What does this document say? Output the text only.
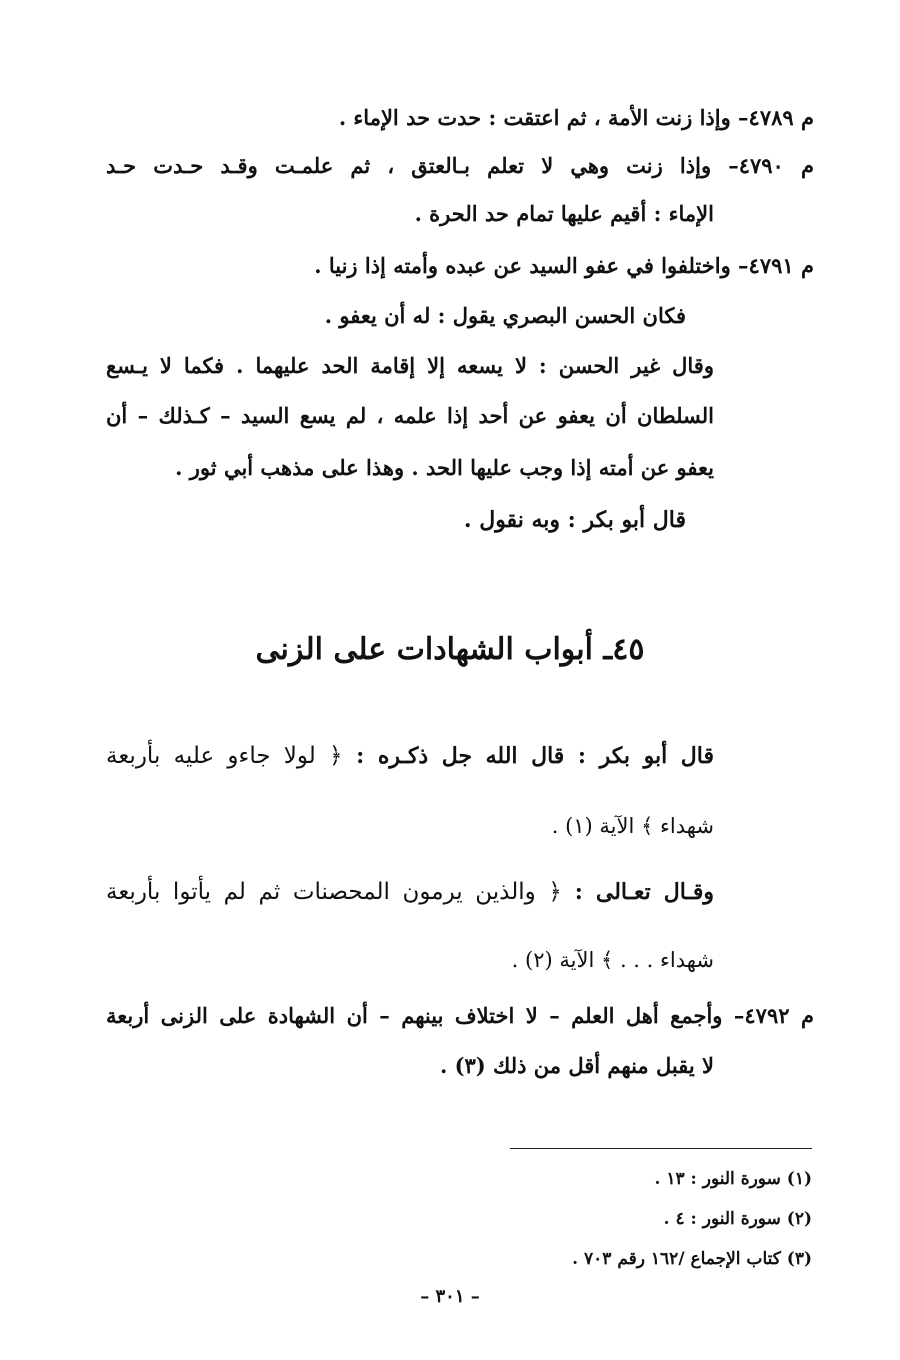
م ٤٧٨٩– وإذا زنت الأمة ، ثم اعتقت : حدت حد الإماء .
م ٤٧٩٠– وإذا زنت وهي لا تعلم بـالعتق ، ثم علمـت وقـد حـدت حـد
الإماء : أقيم عليها تمام حد الحرة .
م ٤٧٩١– واختلفوا في عفو السيد عن عبده وأمته إذا زنيا .
فكان الحسن البصري يقول : له أن يعفو .
وقال غير الحسن : لا يسعه إلا إقامة الحد عليهما . فكما لا يـسع
السلطان أن يعفو عن أحد إذا علمه ، لم يسع السيد – كـذلك – أن
يعفو عن أمته إذا وجب عليها الحد . وهذا على مذهب أبي ثور .
قال أبو بكر : وبه نقول .
٤٥ـ أبواب الشهادات على الزنى
قال أبو بكر : قال الله جل ذكـره : ﴿ لولا جاءو عليه بأربعة
شهداء ﴾ الآية (١) .
وقـال تعـالى : ﴿ والذين يرمون المحصنات ثم لم يأتوا بأربعة
شهداء . . . ﴾ الآية (٢) .
م ٤٧٩٢– وأجمع أهل العلم – لا اختلاف بينهم – أن الشهادة على الزنى أربعة
لا يقبل منهم أقل من ذلك (٣) .
(١) سورة النور : ١٣ .
(٢) سورة النور : ٤ .
(٣) كتاب الإجماع /١٦٢ رقم ٧٠٣ .
– ٣٠١ –
